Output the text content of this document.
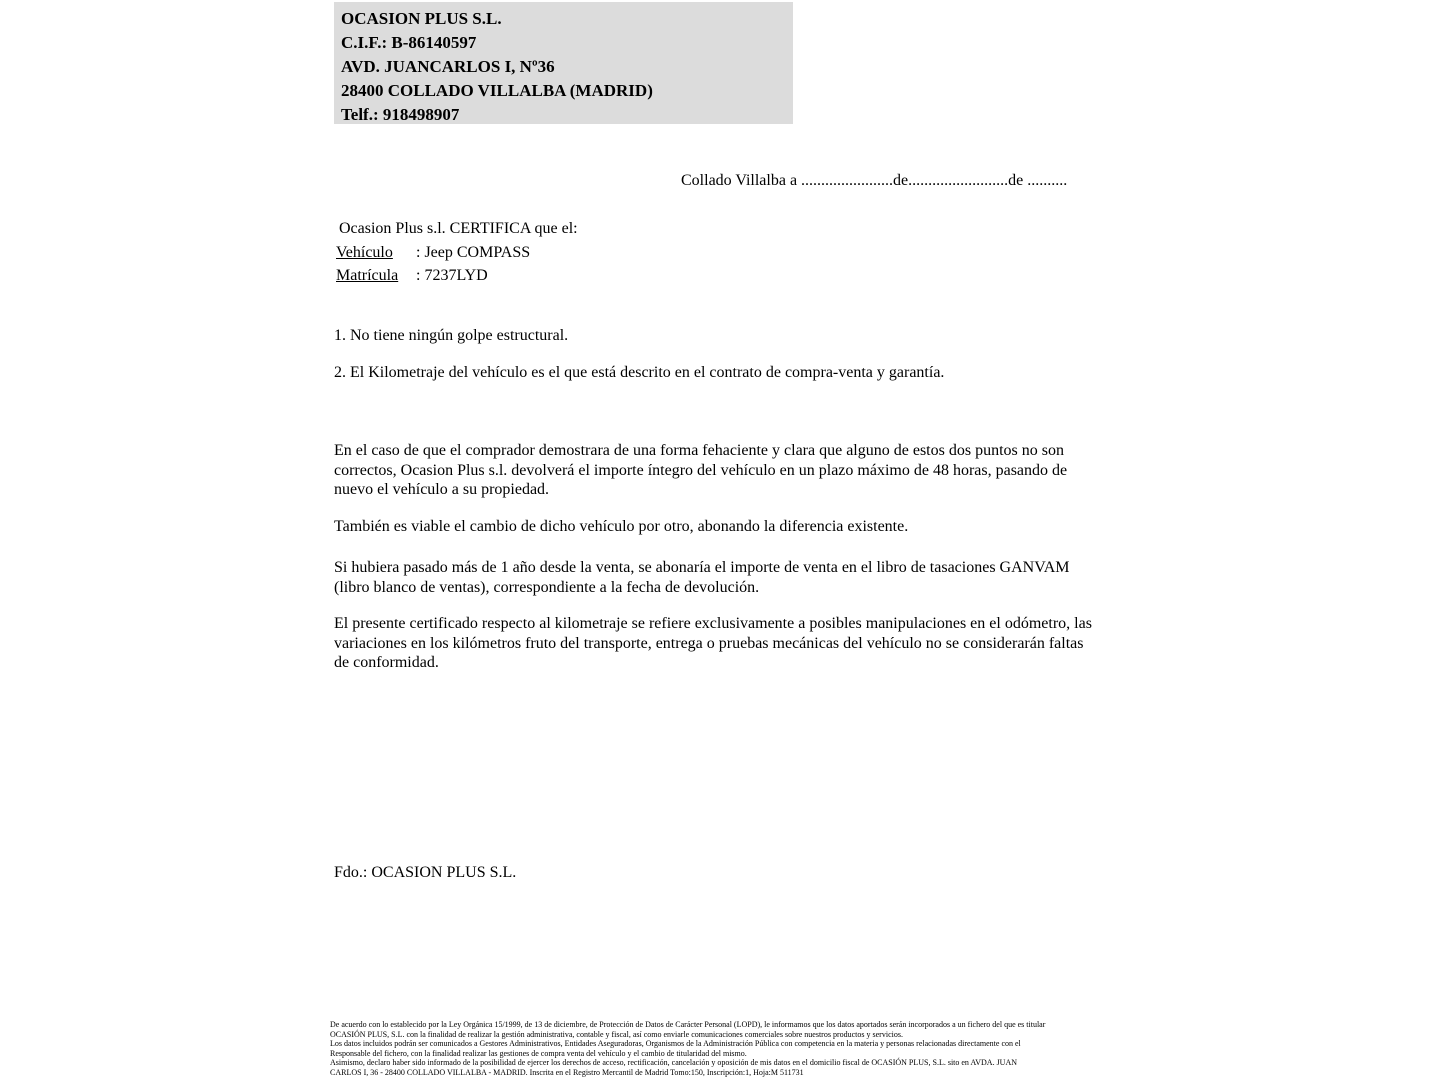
OCASION PLUS S.L.
C.I.F.: B-86140597
AVD. JUANCARLOS I, Nº36
28400 COLLADO VILLALBA (MADRID)
Telf.: 918498907
Collado Villalba a .......................de.........................de ..........
Ocasion Plus s.l. CERTIFICA que el:
Vehículo	: Jeep COMPASS
Matrícula	: 7237LYD
1. No tiene ningún golpe estructural.
2. El Kilometraje del vehículo es el que está descrito en el contrato de compra-venta y garantía.
En el caso de que el comprador demostrara de una forma fehaciente y clara que alguno de estos dos puntos no son correctos, Ocasion Plus s.l. devolverá el importe íntegro del vehículo en un plazo máximo de 48 horas, pasando de nuevo el vehículo a su propiedad.
También es viable el cambio de dicho vehículo por otro, abonando la diferencia existente.
Si hubiera pasado más de 1 año desde la venta, se abonaría el importe de venta en el libro de tasaciones GANVAM (libro blanco de ventas), correspondiente a la fecha de devolución.
El presente certificado respecto al kilometraje se refiere exclusivamente a posibles manipulaciones en el odómetro, las variaciones en los kilómetros fruto del transporte, entrega o pruebas mecánicas del vehículo no se considerarán faltas de conformidad.
Fdo.: OCASION PLUS S.L.
De acuerdo con lo establecido por la Ley Orgánica 15/1999, de 13 de diciembre, de Protección de Datos de Carácter Personal (LOPD), le informamos que los datos aportados serán incorporados a un fichero del que es titular
OCASIÓN PLUS, S.L. con la finalidad de realizar la gestión administrativa, contable y fiscal, así como enviarle comunicaciones comerciales sobre nuestros productos y servicios.
Los datos incluidos podrán ser comunicados a Gestores Administrativos, Entidades Aseguradoras, Organismos de la Administración Pública con competencia en la materia y personas relacionadas directamente con el
Responsable del fichero, con la finalidad realizar las gestiones de compra venta del vehículo y el cambio de titularidad del mismo.
Asimismo, declaro haber sido informado de la posibilidad de ejercer los derechos de acceso, rectificación, cancelación y oposición de mis datos en el domicilio fiscal de OCASIÓN PLUS, S.L. sito en AVDA. JUAN
CARLOS I, 36 - 28400 COLLADO VILLALBA - MADRID. Inscrita en el Registro Mercantil de Madrid Tomo:150, Inscripción:1, Hoja:M 511731
